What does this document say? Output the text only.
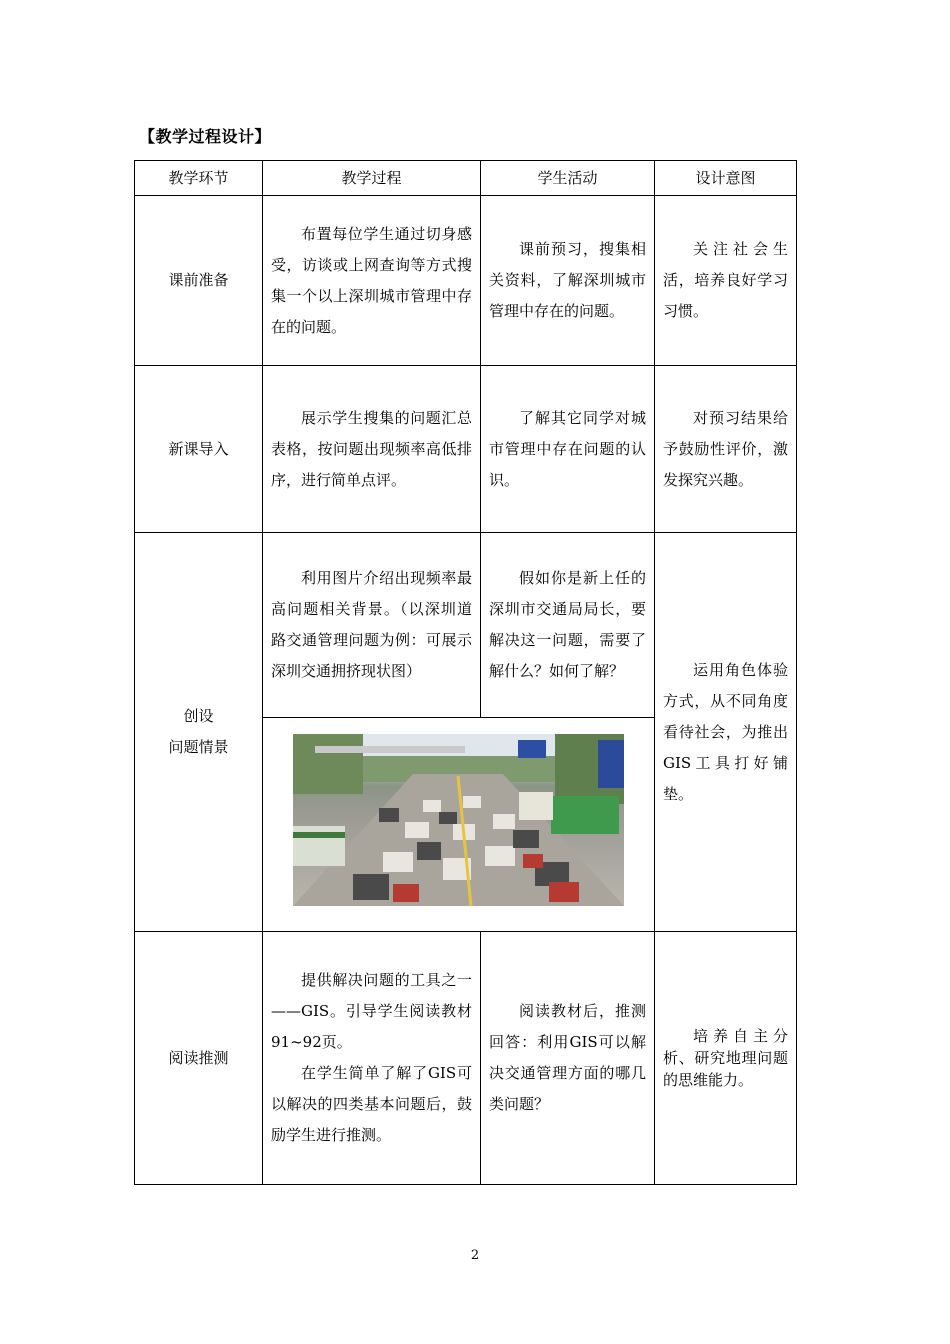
【教学过程设计】
教学环节	教学过程	学生活动	设计意图
课前准备	布置每位学生通过切身感受，访谈或上网查询等方式搜集一个以上深圳城市管理中存在的问题。	课前预习，搜集相关资料，了解深圳城市管理中存在的问题。	关注社会生活，培养良好学习习惯。

新课导入	展示学生搜集的问题汇总表格，按问题出现频率高低排序，进行简单点评。	了解其它同学对城市管理中存在问题的认识。	对预习结果给予鼓励性评价，激发探究兴趣。

创设
问题情景	利用图片介绍出现频率最高问题相关背景。（以深圳道路交通管理问题为例：可展示深圳交通拥挤现状图）	假如你是新上任的深圳市交通局局长，要解决这一问题，需要了解什么？如何了解？	运用角色体验方式，从不同角度看待社会，为推出GIS工具打好铺垫。

阅读推测	提供解决问题的工具之一——GIS。引导学生阅读教材91~92页。

在学生简单了解了GIS可以解决的四类基本问题后，鼓励学生进行推测。	阅读教材后，推测回答：利用GIS可以解决交通管理方面的哪几类问题？	培养自主分析、研究地理问题的思维能力。

2
